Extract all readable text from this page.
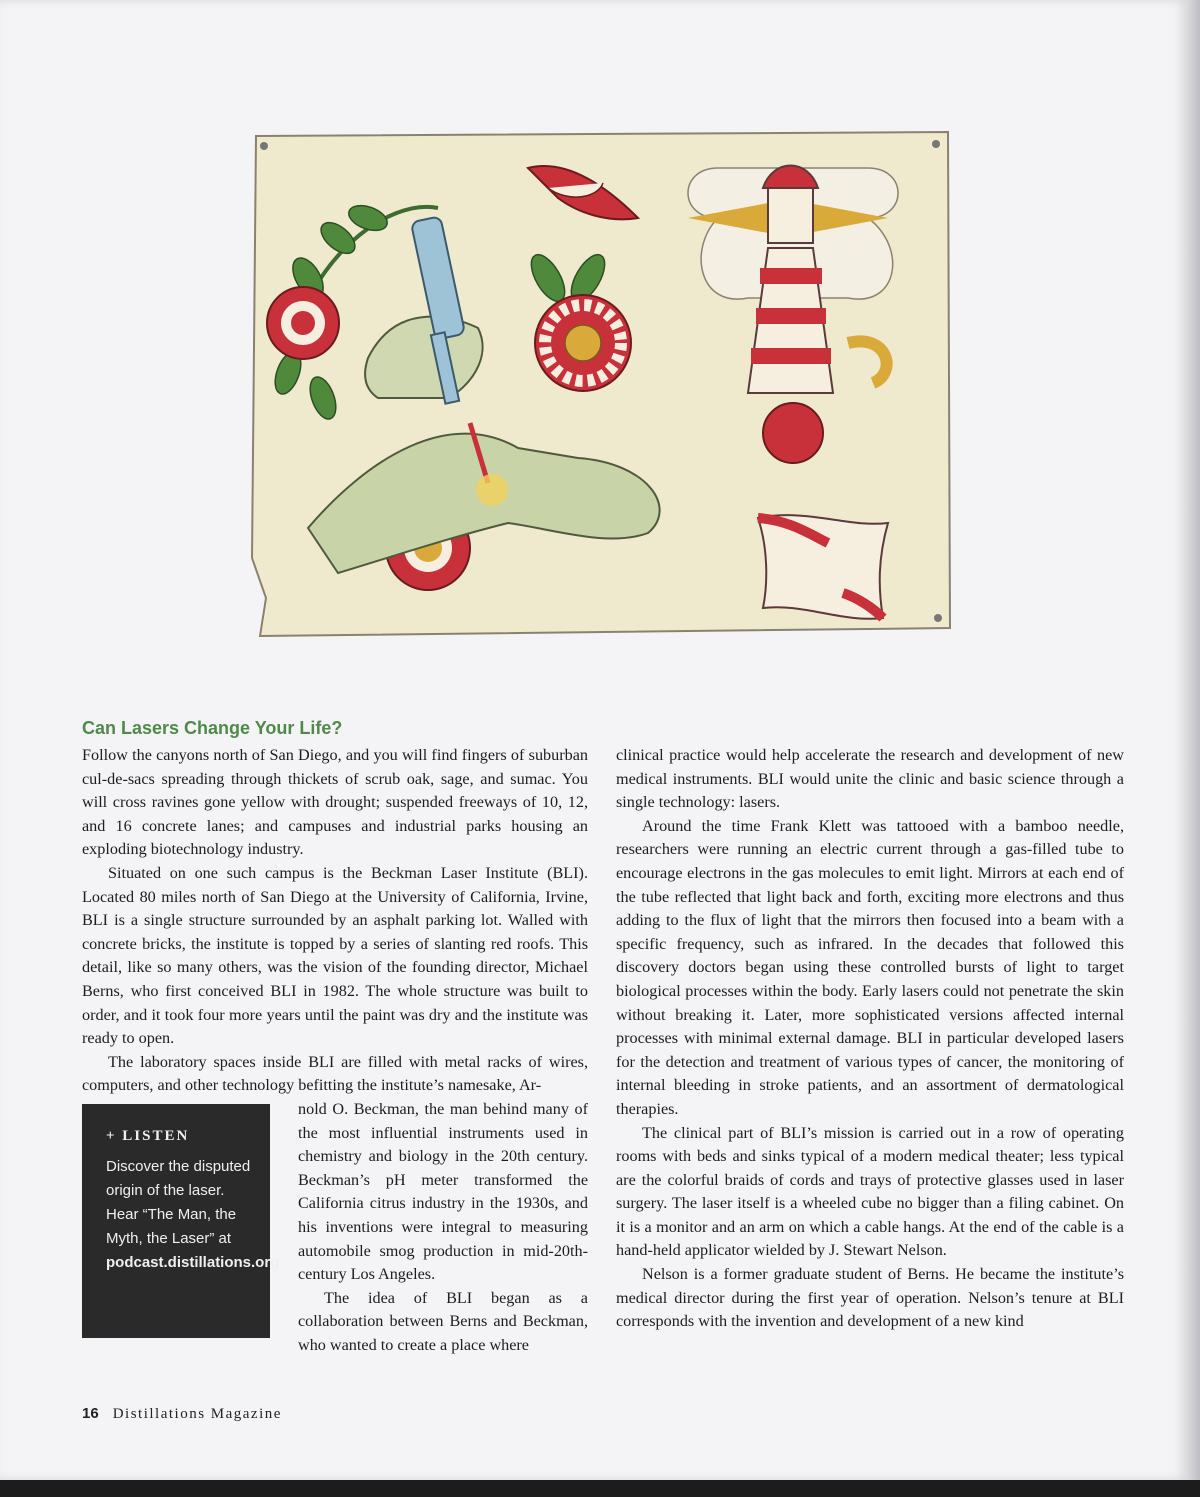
Can Lasers Change Your Life?

Follow the canyons north of San Diego, and you will find fingers of suburban cul-de-sacs spreading through thickets of scrub oak, sage, and sumac. You will cross ravines gone yellow with drought; suspended freeways of 10, 12, and 16 concrete lanes; and campuses and industrial parks housing an exploding biotechnology industry.

Situated on one such campus is the Beckman Laser Institute (BLI). Located 80 miles north of San Diego at the University of California, Irvine, BLI is a single structure surrounded by an asphalt parking lot. Walled with concrete bricks, the institute is topped by a series of slanting red roofs. This detail, like so many others, was the vision of the founding director, Michael Berns, who first conceived BLI in 1982. The whole structure was built to order, and it took four more years until the paint was dry and the institute was ready to open.

The laboratory spaces inside BLI are filled with metal racks of wires, computers, and other technology befitting the institute’s namesake, Ar-

+ LISTEN
Discover the disputed origin of the laser. Hear “The Man, the Myth, the Laser” at podcast.distillations.org.

nold O. Beckman, the man behind many of the most influential instruments used in chemistry and biology in the 20th century. Beckman’s pH meter transformed the California citrus industry in the 1930s, and his inventions were integral to measuring automobile smog production in mid-20th-century Los Angeles.

The idea of BLI began as a collaboration between Berns and Beckman, who wanted to create a place where

clinical practice would help accelerate the research and development of new medical instruments. BLI would unite the clinic and basic science through a single technology: lasers.

Around the time Frank Klett was tattooed with a bamboo needle, researchers were running an electric current through a gas-filled tube to encourage electrons in the gas molecules to emit light. Mirrors at each end of the tube reflected that light back and forth, exciting more electrons and thus adding to the flux of light that the mirrors then focused into a beam with a specific frequency, such as infrared. In the decades that followed this discovery doctors began using these controlled bursts of light to target biological processes within the body. Early lasers could not penetrate the skin without breaking it. Later, more sophisticated versions affected internal processes with minimal external damage. BLI in particular developed lasers for the detection and treatment of various types of cancer, the monitoring of internal bleeding in stroke patients, and an assortment of dermatological therapies.

The clinical part of BLI’s mission is carried out in a row of operating rooms with beds and sinks typical of a modern medical theater; less typical are the colorful braids of cords and trays of protective glasses used in laser surgery. The laser itself is a wheeled cube no bigger than a filing cabinet. On it is a monitor and an arm on which a cable hangs. At the end of the cable is a hand-held applicator wielded by J. Stewart Nelson.

Nelson is a former graduate student of Berns. He became the institute’s medical director during the first year of operation. Nelson’s tenure at BLI corresponds with the invention and development of a new kind

16 Distillations Magazine
